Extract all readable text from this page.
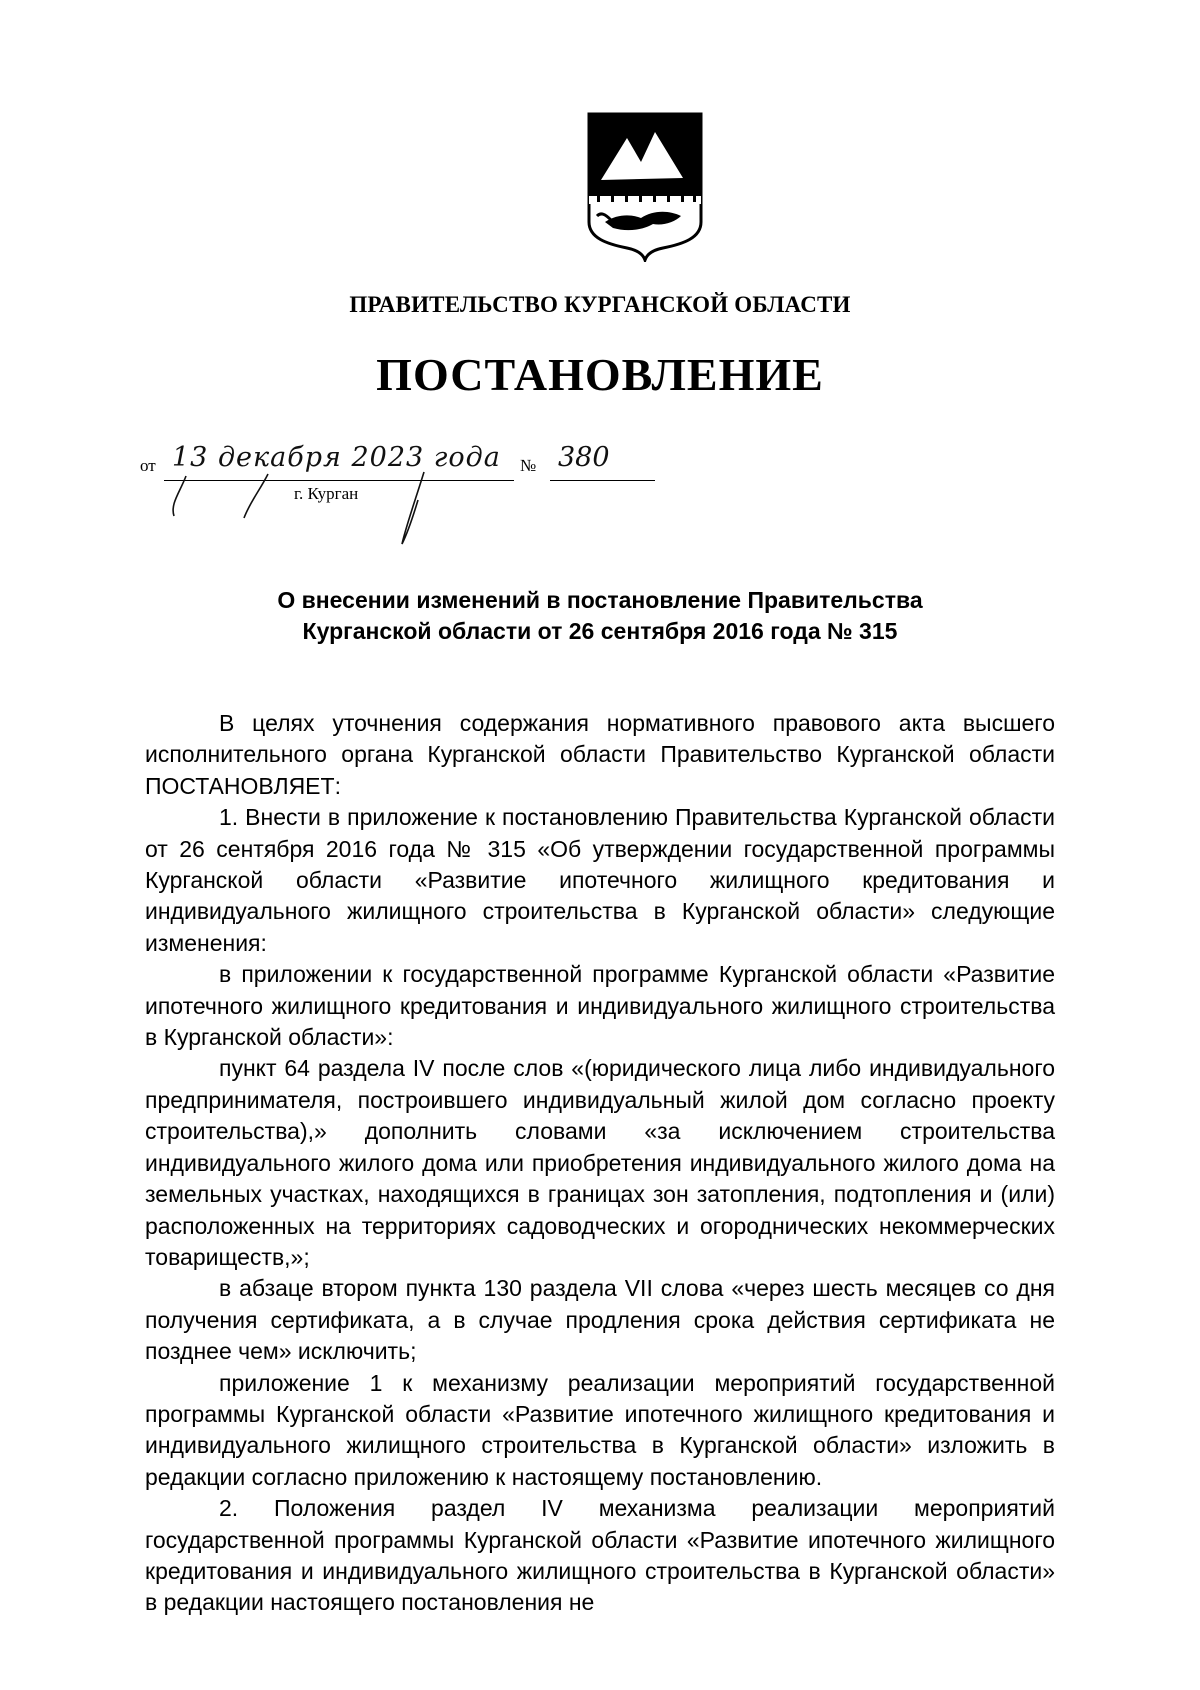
ПРАВИТЕЛЬСТВО КУРГАНСКОЙ ОБЛАСТИ
ПОСТАНОВЛЕНИЕ
от 13 декабря 2023 года № 380
г. Курган
О внесении изменений в постановление Правительства
Курганской области от 26 сентября 2016 года № 315

В целях уточнения содержания нормативного правового акта высшего исполнительного органа Курганской области Правительство Курганской области ПОСТАНОВЛЯЕТ:

1. Внести в приложение к постановлению Правительства Курганской области от 26 сентября 2016 года № 315 «Об утверждении государственной программы Курганской области «Развитие ипотечного жилищного кредитования и индивидуального жилищного строительства в Курганской области» следующие изменения:

в приложении к государственной программе Курганской области «Развитие ипотечного жилищного кредитования и индивидуального жилищного строительства в Курганской области»:

пункт 64 раздела IV после слов «(юридического лица либо индивидуального предпринимателя, построившего индивидуальный жилой дом согласно проекту строительства),» дополнить словами «за исключением строительства индивидуального жилого дома или приобретения индивидуального жилого дома на земельных участках, находящихся в границах зон затопления, подтопления и (или) расположенных на территориях садоводческих и огороднических некоммерческих товариществ,»;

в абзаце втором пункта 130 раздела VII слова «через шесть месяцев со дня получения сертификата, а в случае продления срока действия сертификата не позднее чем» исключить;

приложение 1 к механизму реализации мероприятий государственной программы Курганской области «Развитие ипотечного жилищного кредитования и индивидуального жилищного строительства в Курганской области» изложить в редакции согласно приложению к настоящему постановлению.

2. Положения раздел IV механизма реализации мероприятий государственной программы Курганской области «Развитие ипотечного жилищного кредитования и индивидуального жилищного строительства в Курганской области» в редакции настоящего постановления не
